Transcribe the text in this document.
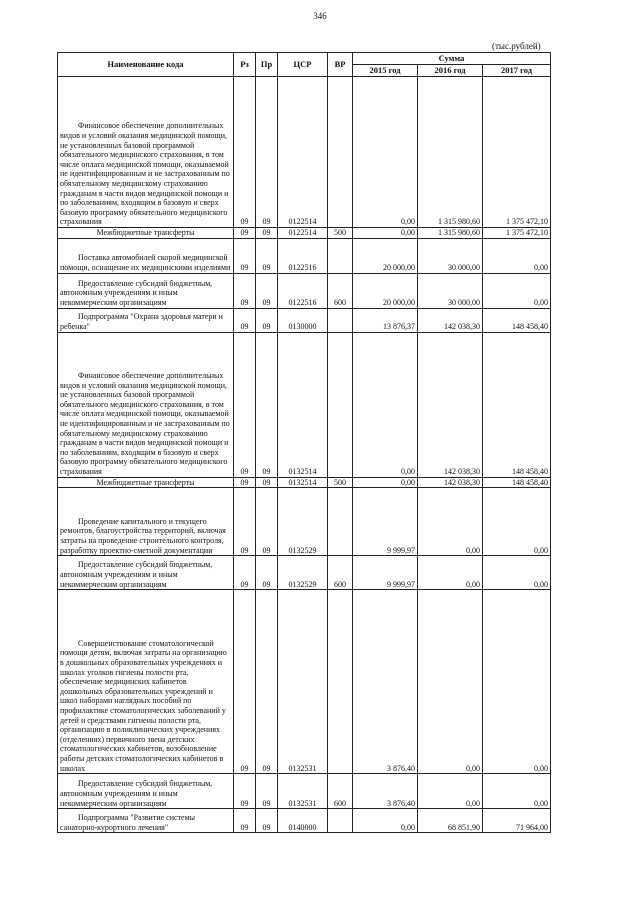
346
(тыс.рублей)
Наименование кода	Рз	Пр	ЦСР	ВР	Сумма		
					2015 год	2016 год	2017 год
Финансовое обеспечение дополнительных видов и условий оказания медицинской помощи, не установленных базовой программой обязательного медицинского страхования, в том числе оплата медицинской помощи, оказываемой не идентифицированным и не застрахованным по обязательному медицинскому страхованию гражданам в части видов медицинской помощи и по заболеваниям, входящим в базовую и сверх базовую программу обязательного медицинского страхования	09	09	0122514		0,00	1 315 980,60	1 375 472,10
Межбюджетные трансферты	09	09	0122514	500	0,00	1 315 980,60	1 375 472,10
Поставка автомобилей скорой медицинской помощи, оснащение их медицинскими изделиями	09	09	0122516		20 000,00	30 000,00	0,00
Предоставление субсидий бюджетным, автономным учреждениям и иным некоммерческим организациям	09	09	0122516	600	20 000,00	30 000,00	0,00
Подпрограмма "Охрана здоровья матери и ребенка"	09	09	0130000		13 876,37	142 038,30	148 458,40
Финансовое обеспечение дополнительных видов и условий оказания медицинской помощи, не установленных базовой программой обязательного медицинского страхования, в том числе оплата медицинской помощи, оказываемой не идентифицированным и не застрахованным по обязательному медицинскому страхованию гражданам в части видов медицинской помощи и по заболеваниям, входящим в базовую и сверх базовую программу обязательного медицинского страхования	09	09	0132514		0,00	142 038,30	148 458,40
Межбюджетные трансферты	09	09	0132514	500	0,00	142 038,30	148 458,40
Проведение капитального и текущего ремонтов, благоустройства территорий, включая затраты на проведение строительного контроля, разработку проектно-сметной документации	09	09	0132529		9 999,97	0,00	0,00
Предоставление субсидий бюджетным, автономным учреждениям и иным некоммерческим организациям	09	09	0132529	600	9 999,97	0,00	0,00
Совершенствование стоматологической помощи детям, включая затраты на организацию в дошкольных образовательных учреждениях и школах уголков гигиены полости рта, обеспечение медицинских кабинетов дошкольных образовательных учреждений и школ наборами наглядных пособий по профилактике стоматологических заболеваний у детей и средствами гигиены полости рта, организацию в поликлинических учреждениях (отделениях) первичного звена детских стоматологических кабинетов, возобновление работы детских стоматологических кабинетов в школах	09	09	0132531		3 876,40	0,00	0,00
Предоставление субсидий бюджетным, автономным учреждениям и иным некоммерческим организациям	09	09	0132531	600	3 876,40	0,00	0,00
Подпрограмма "Развитие системы санаторно-курортного лечения"	09	09	0140000		0,00	68 851,90	71 964,00
